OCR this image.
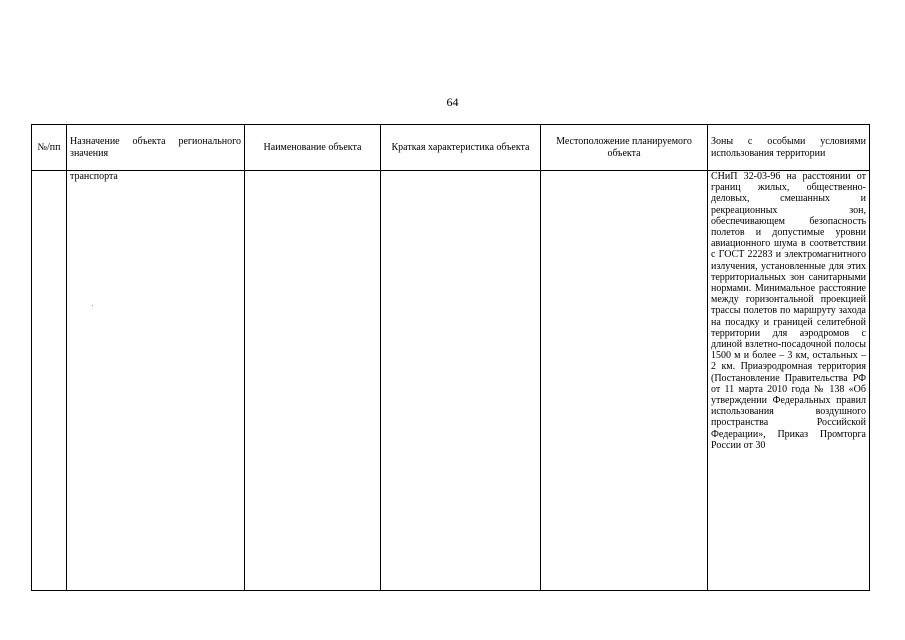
64
№/пп	Назначение объекта регионального значения	Наименование объекта	Краткая характеристика объекта	Местоположение планируемого объекта	Зоны с особыми условиями использования территории
	транспорта				СНиП 32-03-96 на расстоянии от границ жилых, общественно-деловых, смешанных и рекреационных зон, обеспечивающем безопасность полетов и допустимые уровни авиационного шума в соответствии с ГОСТ 22283 и электромагнитного излучения, установленные для этих территориальных зон санитарными нормами. Минимальное расстояние между горизонтальной проекцией трассы полетов по маршруту захода на посадку и границей селитебной территории для аэродромов с длиной взлетно-посадочной полосы 1500 м и более – 3 км, остальных – 2 км. Приаэродромная территория (Постановление Правительства РФ от 11 марта 2010 года № 138 «Об утверждении Федеральных правил использования воздушного пространства Российской Федерации», Приказ Промторга России от 30
